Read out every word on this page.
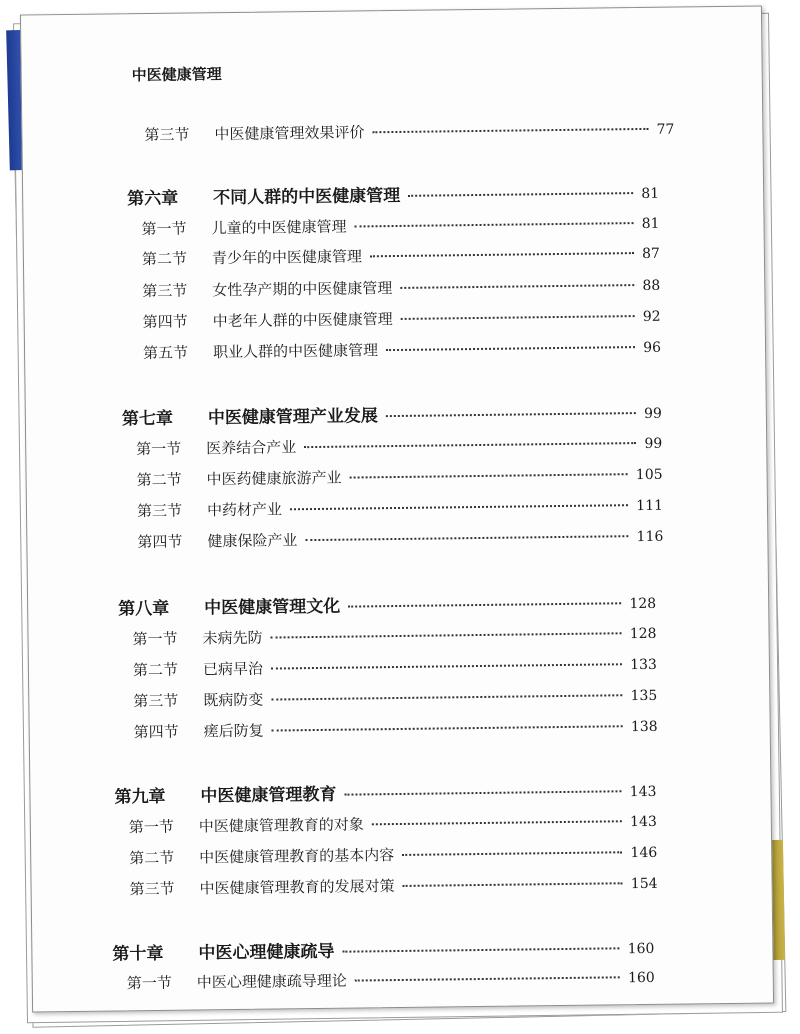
中医健康管理
第三节	中医健康管理效果评价	77
第六章	不同人群的中医健康管理	81
第一节	儿童的中医健康管理	81
第二节	青少年的中医健康管理	87
第三节	女性孕产期的中医健康管理	88
第四节	中老年人群的中医健康管理	92
第五节	职业人群的中医健康管理	96
第七章	中医健康管理产业发展	99
第一节	医养结合产业	99
第二节	中医药健康旅游产业	105
第三节	中药材产业	111
第四节	健康保险产业	116
第八章	中医健康管理文化	128
第一节	未病先防	128
第二节	已病早治	133
第三节	既病防变	135
第四节	瘥后防复	138
第九章	中医健康管理教育	143
第一节	中医健康管理教育的对象	143
第二节	中医健康管理教育的基本内容	146
第三节	中医健康管理教育的发展对策	154
第十章	中医心理健康疏导	160
第一节	中医心理健康疏导理论	160
